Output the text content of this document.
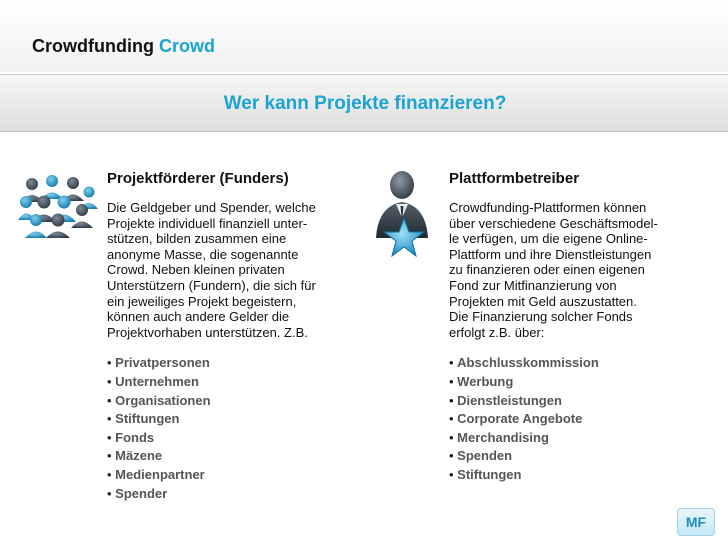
Crowdfunding Crowd
Wer kann Projekte finanzieren?
Projektförderer (Funders)
Die Geldgeber und Spender, welche
Projekte individuell finanziell unter-
stützen, bilden zusammen eine
anonyme Masse, die sogenannte
Crowd. Neben kleinen privaten
Unterstützern (Fundern), die sich für
ein jeweiliges Projekt begeistern,
können auch andere Gelder die
Projektvorhaben unterstützen. Z.B.
• Privatpersonen
• Unternehmen
• Organisationen
• Stiftungen
• Fonds
• Mäzene
• Medienpartner
• Spender
Plattformbetreiber
Crowdfunding-Plattformen können
über verschiedene Geschäftsmodel-
le verfügen, um die eigene Online-
Plattform und ihre Dienstleistungen
zu finanzieren oder einen eigenen
Fond zur Mitfinanzierung von
Projekten mit Geld auszustatten.
Die Finanzierung solcher Fonds
erfolgt z.B. über:
• Abschlusskommission
• Werbung
• Dienstleistungen
• Corporate Angebote
• Merchandising
• Spenden
• Stiftungen
MF
